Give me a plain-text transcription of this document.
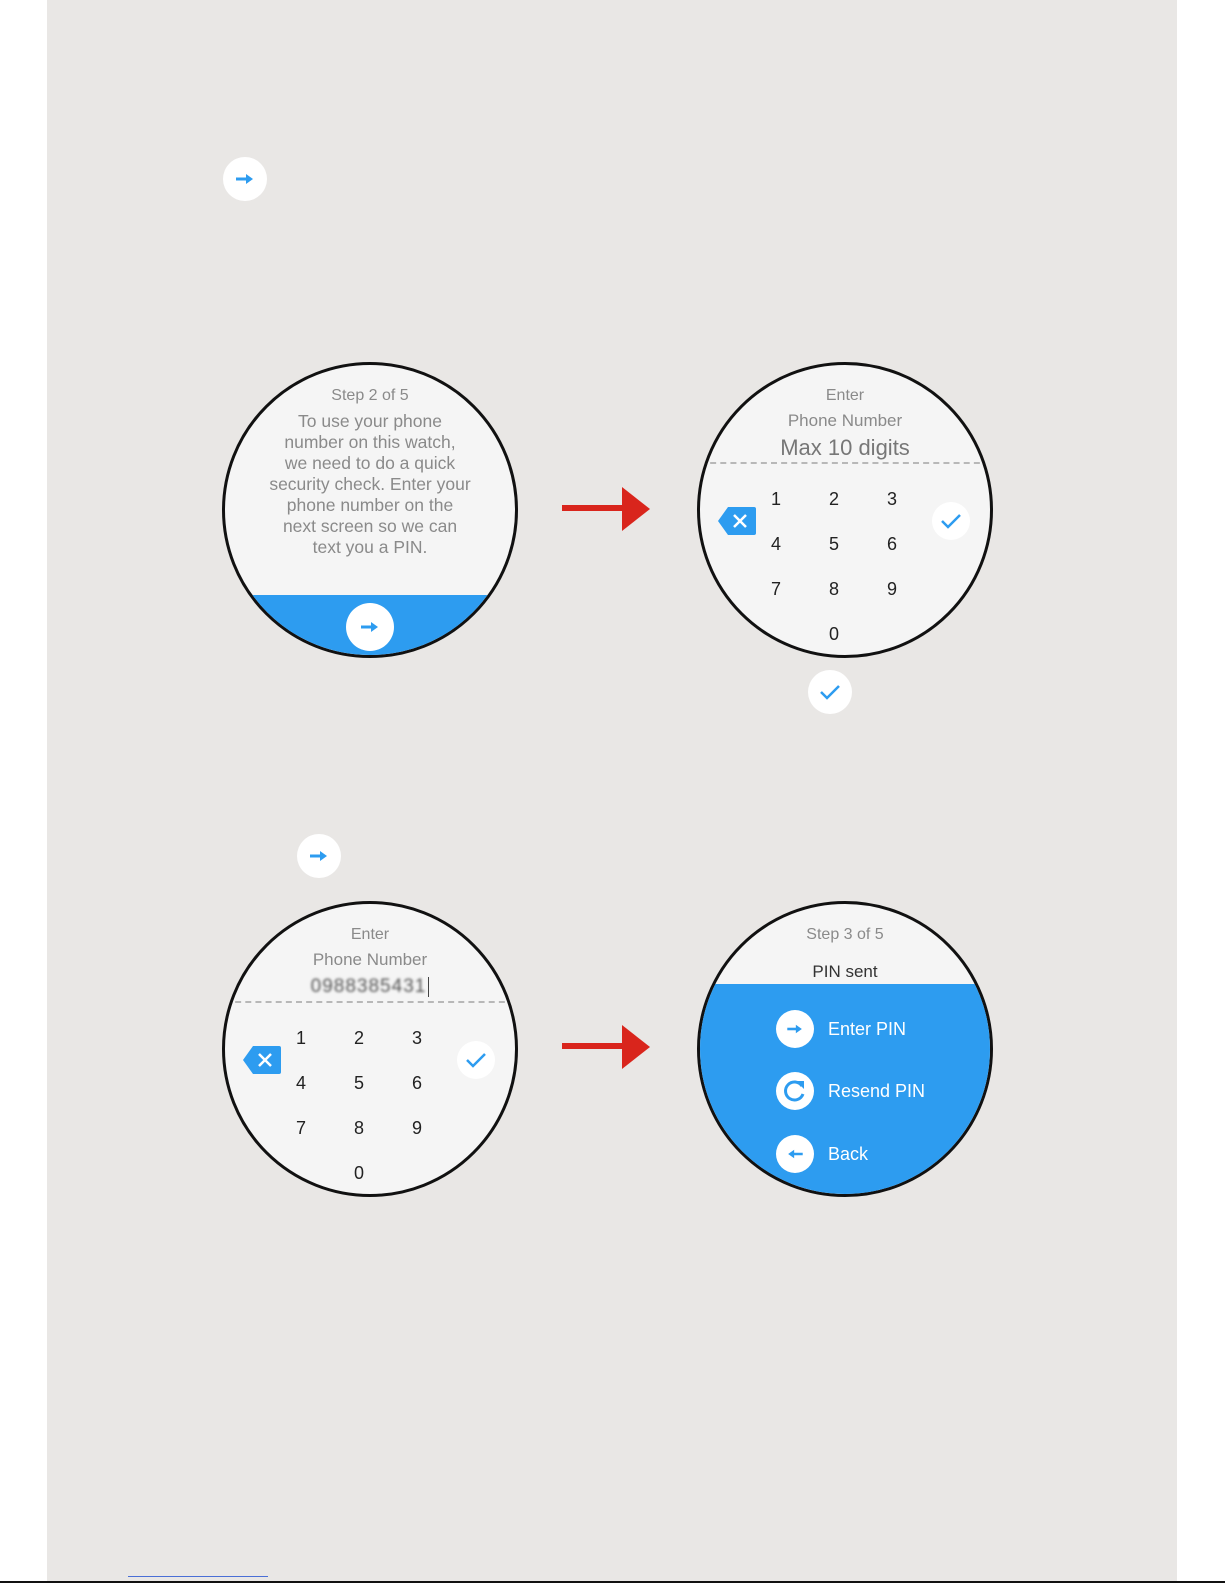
Step 2 of 5
To use your phone
number on this watch,
we need to do a quick
security check. Enter your
phone number on the
next screen so we can
text you a PIN.
Enter
Phone Number
Max 10 digits
1	2	3
4	5	6
7	8	9
0
Enter
Phone Number
0988385431
1	2	3
4	5	6
7	8	9
0
Step 3 of 5
PIN sent
Enter PIN
Resend PIN
Back
